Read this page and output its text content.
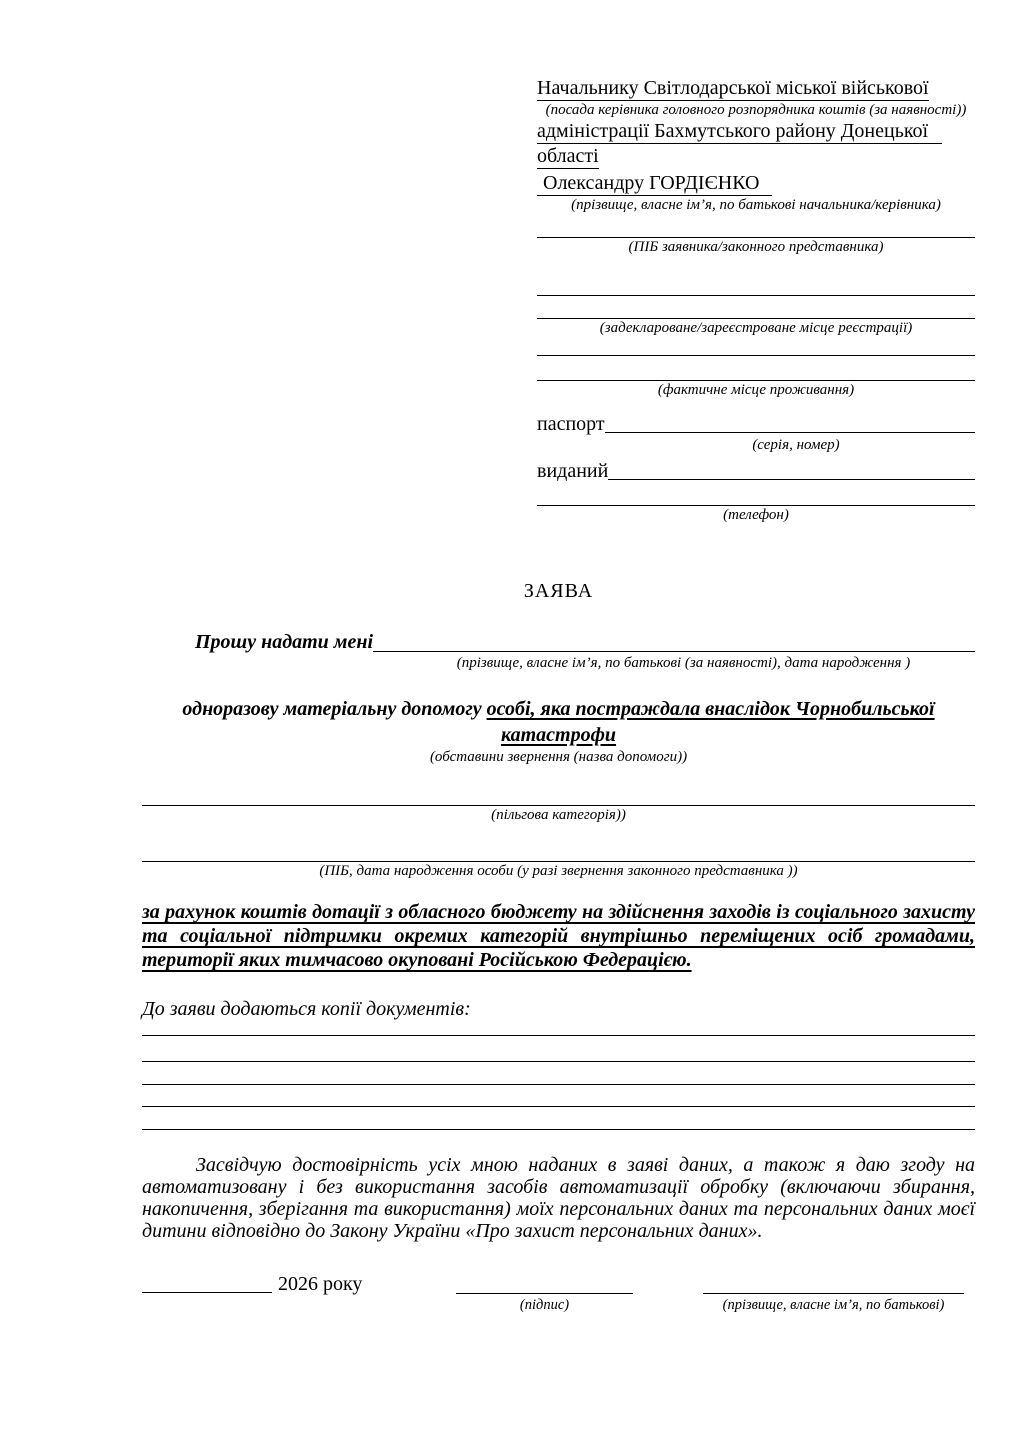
Начальнику Світлодарської міської військової
(посада керівника головного розпорядника коштів (за наявності))
адміністрації Бахмутського району Донецької
області
Олександру ГОРДІЄНКО
(прізвище, власне ім’я, по батькові начальника/керівника)
(ПІБ заявника/законного представника)
(задеклароване/зареєстроване місце реєстрації)
(фактичне місце проживання)
паспорт
(серія, номер)
виданий
(телефон)
ЗАЯВА
Прошу надати мені
(прізвище, власне ім’я, по батькові (за наявності), дата народження )
одноразову матеріальну допомогу особі, яка постраждала внаслідок Чорнобильської катастрофи
(обставини звернення (назва допомоги))
(пільгова категорія))
(ПІБ, дата народження особи (у разі звернення законного представника ))

за рахунок коштів дотації з обласного бюджету на здійснення заходів із соціального захисту та соціальної підтримки окремих категорій внутрішньо переміщених осіб громадами, території яких тимчасово окуповані Російською Федерацією.

До заяви додаються копії документів:

Засвідчую достовірність усіх мною наданих в заяві даних, а також я даю згоду на автоматизовану і без використання засобів автоматизації обробку (включаючи збирання, накопичення, зберігання та використання) моїх персональних даних та персональних даних моєї дитини відповідно до Закону України «Про захист персональних даних».

2026 року
(підпис)	(прізвище, власне ім’я, по батькові)
